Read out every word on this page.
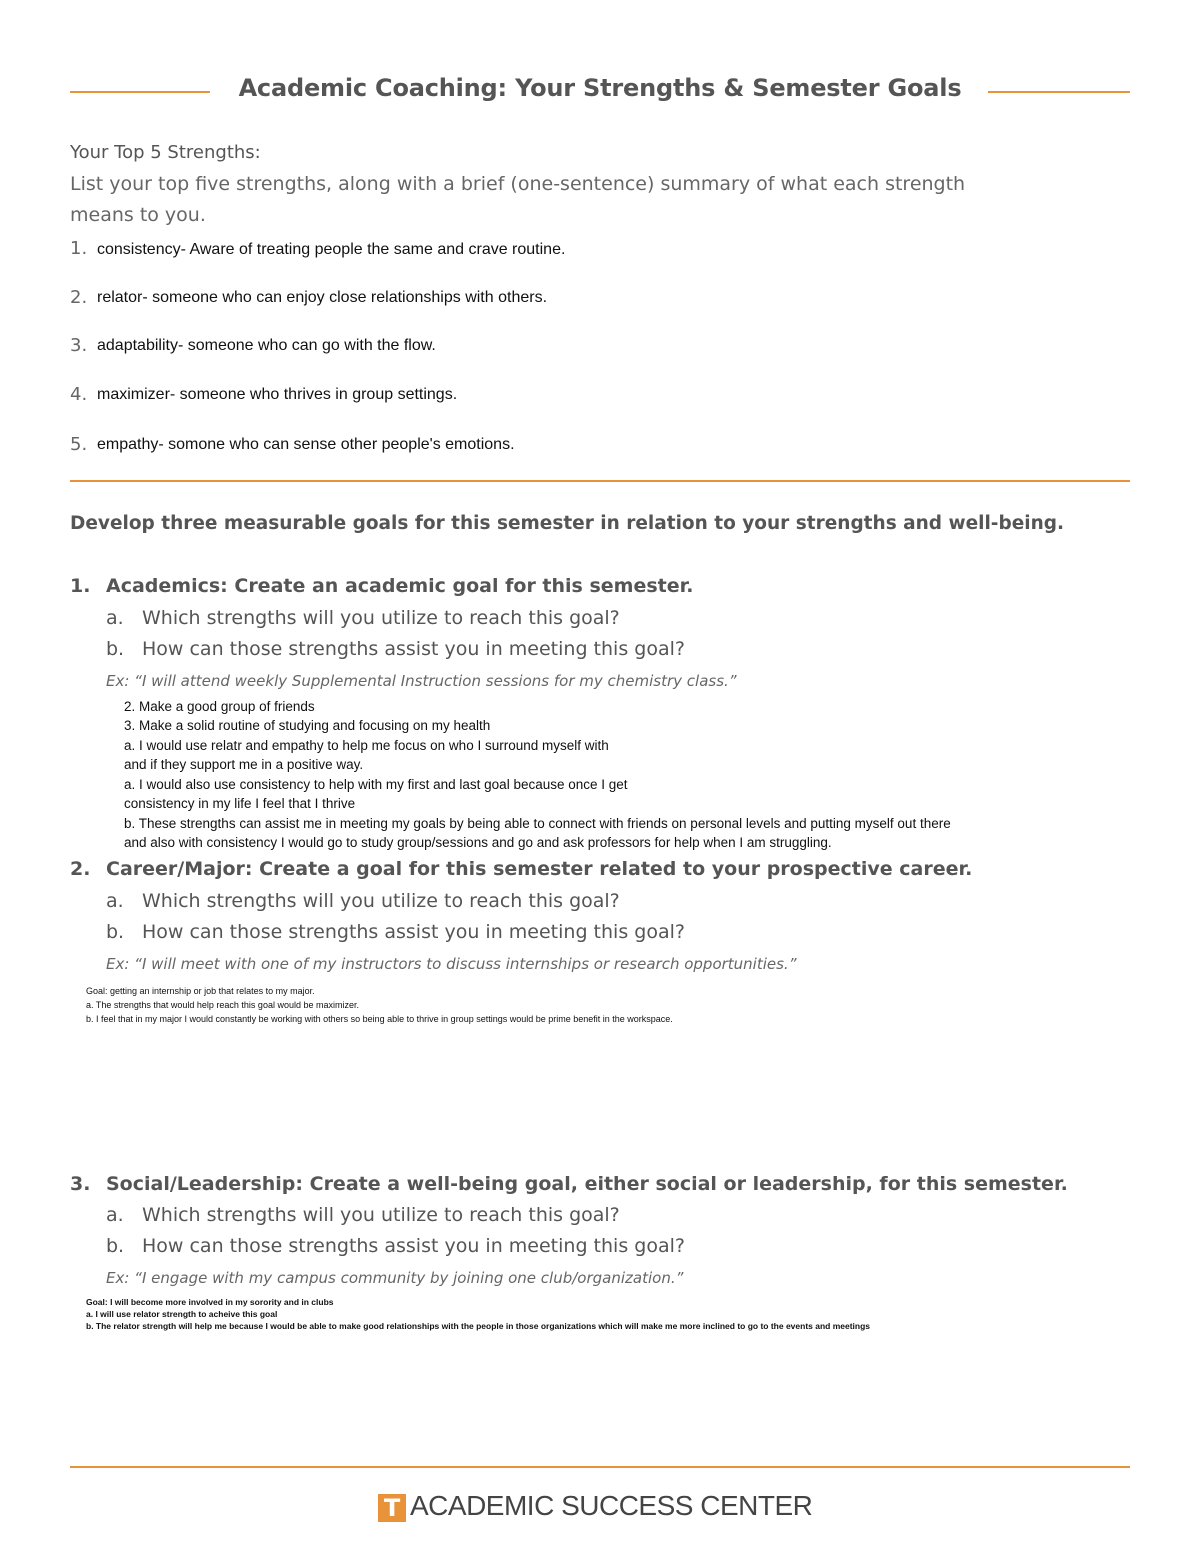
Academic Coaching: Your Strengths & Semester Goals
Your Top 5 Strengths:
List your top five strengths, along with a brief (one-sentence) summary of what each strength
means to you.
1. consistency- Aware of treating people the same and crave routine.
2. relator- someone who can enjoy close relationships with others.
3. adaptability- someone who can go with the flow.
4. maximizer- someone who thrives in group settings.
5. empathy- somone who can sense other people's emotions.
Develop three measurable goals for this semester in relation to your strengths and well-being.
1. Academics: Create an academic goal for this semester.
a. Which strengths will you utilize to reach this goal?
b. How can those strengths assist you in meeting this goal?
Ex: “I will attend weekly Supplemental Instruction sessions for my chemistry class.”
2. Make a good group of friends
3. Make a solid routine of studying and focusing on my health
a. I would use relatr and empathy to help me focus on who I surround myself with
and if they support me in a positive way.
a. I would also use consistency to help with my first and last goal because once I get
consistency in my life I feel that I thrive
b. These strengths can assist me in meeting my goals by being able to connect with friends on personal levels and putting myself out there
and also with consistency I would go to study group/sessions and go and ask professors for help when I am struggling.
2. Career/Major: Create a goal for this semester related to your prospective career.
a. Which strengths will you utilize to reach this goal?
b. How can those strengths assist you in meeting this goal?
Ex: “I will meet with one of my instructors to discuss internships or research opportunities.”
Goal: getting an internship or job that relates to my major.
a. The strengths that would help reach this goal would be maximizer.
b. I feel that in my major I would constantly be working with others so being able to thrive in group settings would be prime benefit in the workspace.
3. Social/Leadership: Create a well-being goal, either social or leadership, for this semester.
a. Which strengths will you utilize to reach this goal?
b. How can those strengths assist you in meeting this goal?
Ex: “I engage with my campus community by joining one club/organization.”
Goal: I will become more involved in my sorority and in clubs
a. I will use relator strength to acheive this goal
b. The relator strength will help me because I would be able to make good relationships with the people in those organizations which will make me more inclined to go to the events and meetings
T ACADEMIC SUCCESS CENTER
